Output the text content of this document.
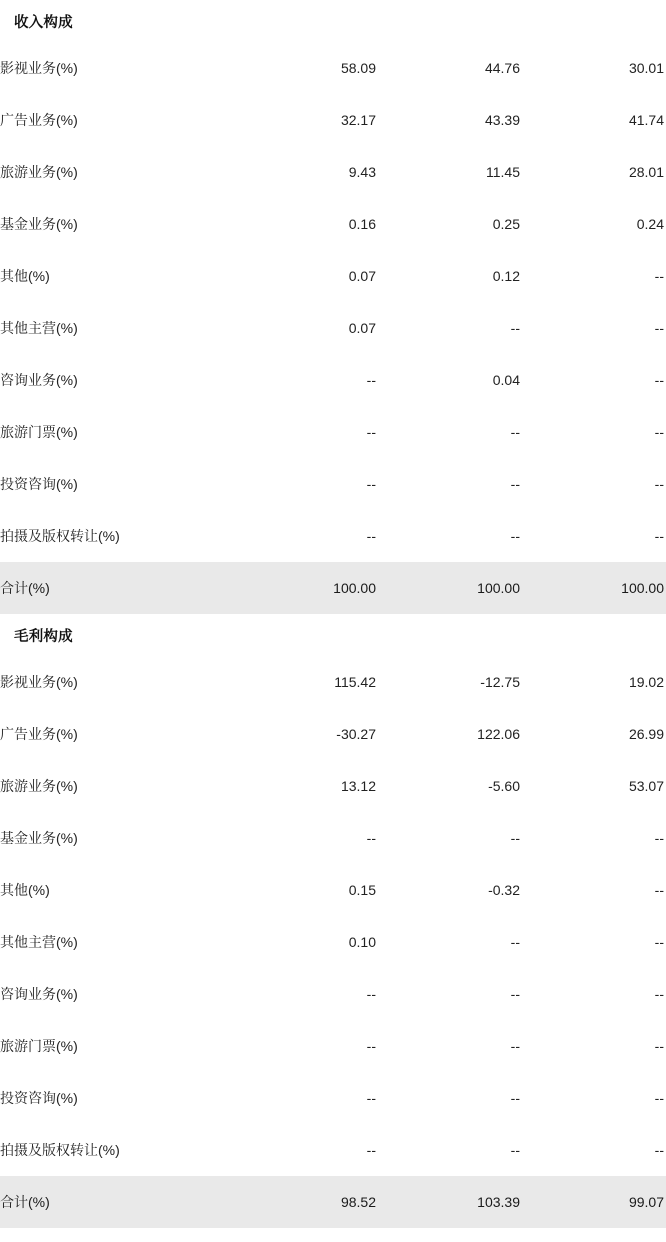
收入构成
影视业务(%)	58.09	44.76	30.01
广告业务(%)	32.17	43.39	41.74
旅游业务(%)	9.43	11.45	28.01
基金业务(%)	0.16	0.25	0.24
其他(%)	0.07	0.12	--
其他主营(%)	0.07	--	--
咨询业务(%)	--	0.04	--
旅游门票(%)	--	--	--
投资咨询(%)	--	--	--
拍摄及版权转让(%)	--	--	--
合计(%)	100.00	100.00	100.00
毛利构成
影视业务(%)	115.42	-12.75	19.02
广告业务(%)	-30.27	122.06	26.99
旅游业务(%)	13.12	-5.60	53.07
基金业务(%)	--	--	--
其他(%)	0.15	-0.32	--
其他主营(%)	0.10	--	--
咨询业务(%)	--	--	--
旅游门票(%)	--	--	--
投资咨询(%)	--	--	--
拍摄及版权转让(%)	--	--	--
合计(%)	98.52	103.39	99.07
